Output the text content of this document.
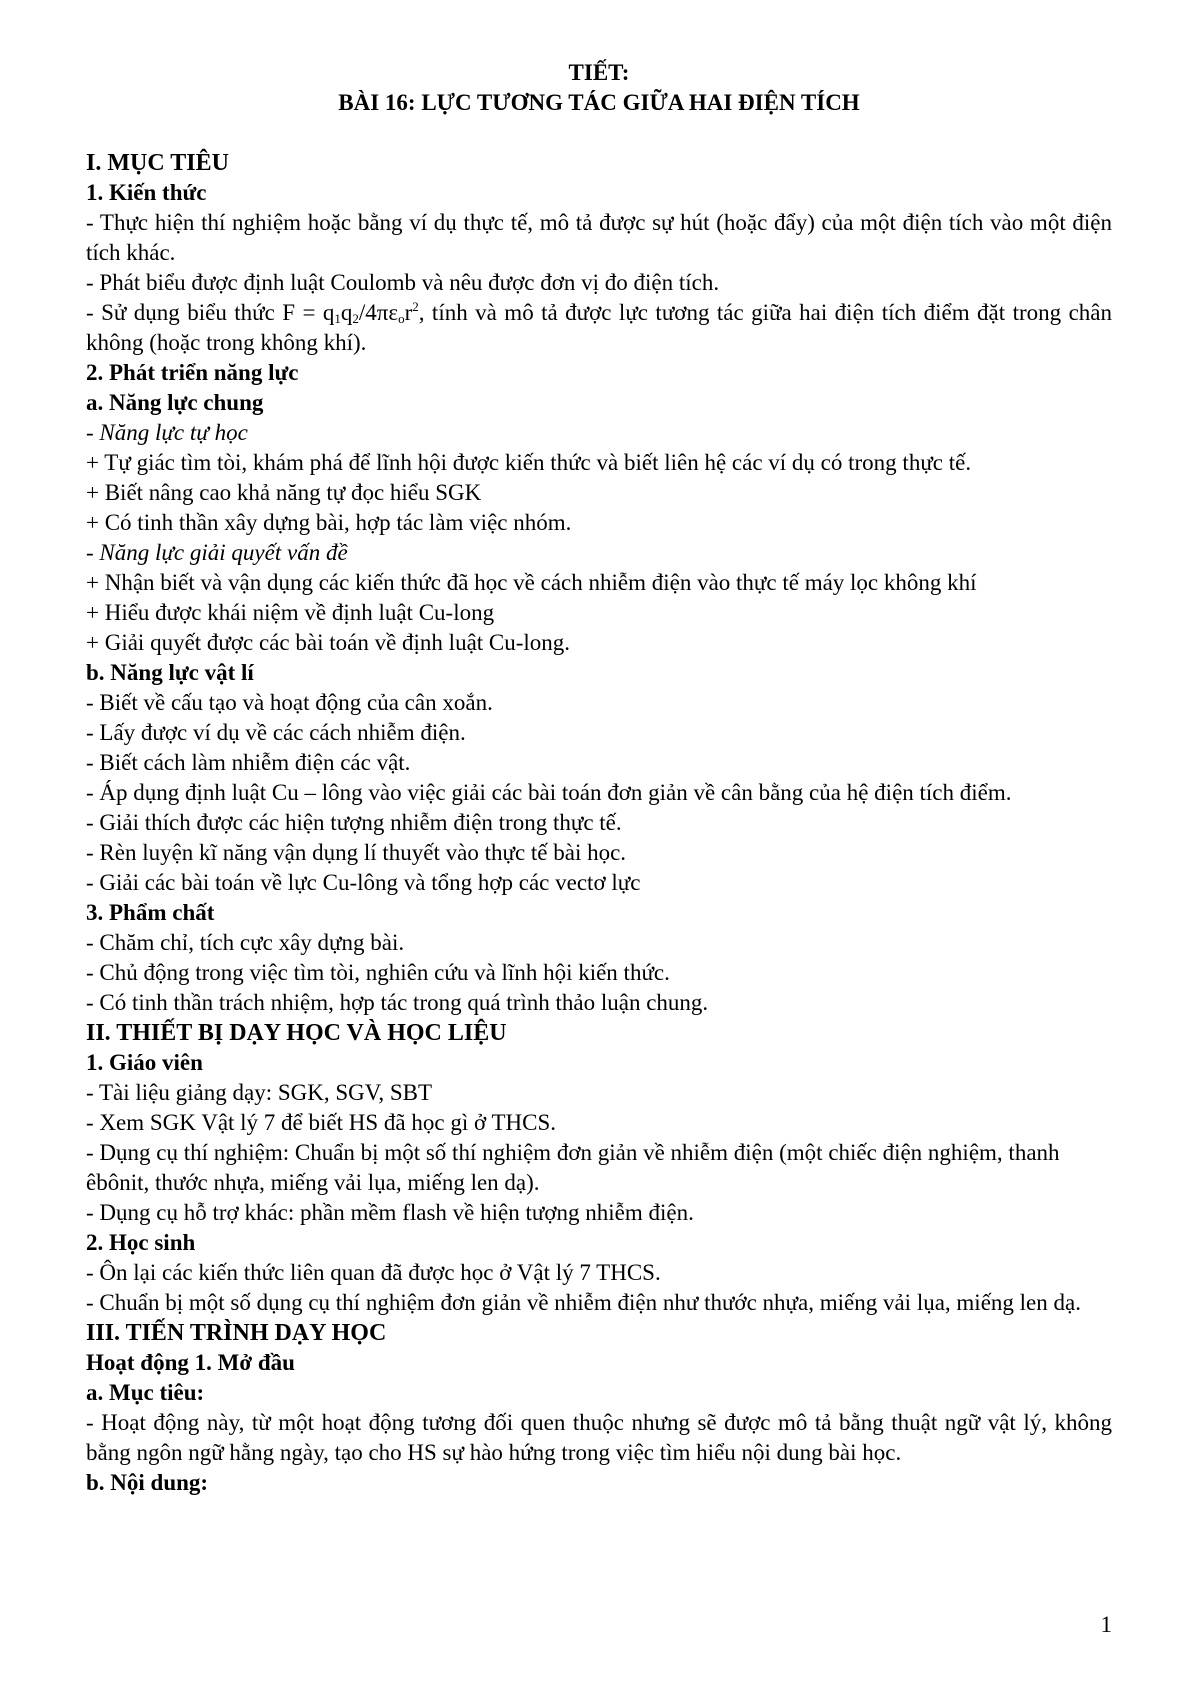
TIẾT:

BÀI 16: LỰC TƯƠNG TÁC GIỮA HAI ĐIỆN TÍCH

I. MỤC TIÊU

1. Kiến thức

- Thực hiện thí nghiệm hoặc bằng ví dụ thực tế, mô tả được sự hút (hoặc đẩy) của một điện tích vào một điện tích khác.

- Phát biểu được định luật Coulomb và nêu được đơn vị đo điện tích.

- Sử dụng biểu thức $F = q_1q_2/4\pi\varepsilon_or^2$, tính và mô tả được lực tương tác giữa hai điện tích điểm đặt trong chân không (hoặc trong không khí).

2. Phát triển năng lực

a. Năng lực chung

- Năng lực tự học

+ Tự giác tìm tòi, khám phá để lĩnh hội được kiến thức và biết liên hệ các ví dụ có trong thực tế.

+ Biết nâng cao khả năng tự đọc hiểu SGK

+ Có tinh thần xây dựng bài, hợp tác làm việc nhóm.

- Năng lực giải quyết vấn đề

+ Nhận biết và vận dụng các kiến thức đã học về cách nhiễm điện vào thực tế máy lọc không khí

+ Hiểu được khái niệm về định luật Cu-long

+ Giải quyết được các bài toán về định luật Cu-long.

b. Năng lực vật lí

- Biết về cấu tạo và hoạt động của cân xoắn.

- Lấy được ví dụ về các cách nhiễm điện.

- Biết cách làm nhiễm điện các vật.

- Áp dụng định luật Cu – lông vào việc giải các bài toán đơn giản về cân bằng của hệ điện tích điểm.

- Giải thích được các hiện tượng nhiễm điện trong thực tế.

- Rèn luyện kĩ năng vận dụng lí thuyết vào thực tế bài học.

- Giải các bài toán về lực Cu-lông và tổng hợp các vectơ lực

3. Phẩm chất

- Chăm chỉ, tích cực xây dựng bài.

- Chủ động trong việc tìm tòi, nghiên cứu và lĩnh hội kiến thức.

- Có tinh thần trách nhiệm, hợp tác trong quá trình thảo luận chung.

II. THIẾT BỊ DẠY HỌC VÀ HỌC LIỆU

1. Giáo viên

- Tài liệu giảng dạy: SGK, SGV, SBT

- Xem SGK Vật lý 7 để biết HS đã học gì ở THCS.

- Dụng cụ thí nghiệm: Chuẩn bị một số thí nghiệm đơn giản về nhiễm điện (một chiếc điện nghiệm, thanh êbônit, thước nhựa, miếng vải lụa, miếng len dạ).

- Dụng cụ hỗ trợ khác: phần mềm flash về hiện tượng nhiễm điện.

2. Học sinh

- Ôn lại các kiến thức liên quan đã được học ở Vật lý 7 THCS.

- Chuẩn bị một số dụng cụ thí nghiệm đơn giản về nhiễm điện như thước nhựa, miếng vải lụa, miếng len dạ.

III. TIẾN TRÌNH DẠY HỌC

Hoạt động 1. Mở đầu

a. Mục tiêu:

- Hoạt động này, từ một hoạt động tương đối quen thuộc nhưng sẽ được mô tả bằng thuật ngữ vật lý, không bằng ngôn ngữ hằng ngày, tạo cho HS sự hào hứng trong việc tìm hiểu nội dung bài học.

b. Nội dung:

1
